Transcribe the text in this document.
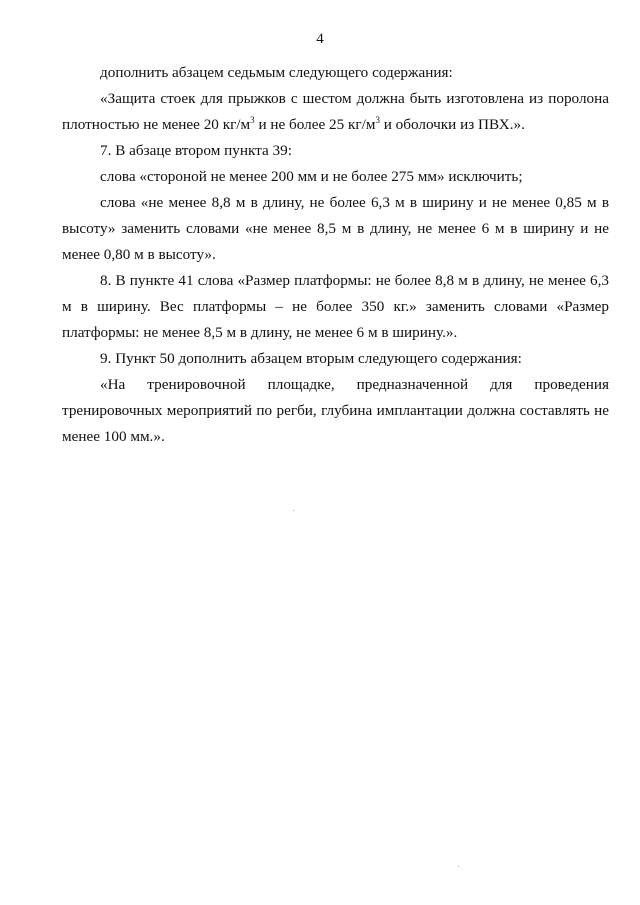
4

дополнить абзацем седьмым следующего содержания:

«Защита стоек для прыжков с шестом должна быть изготовлена из поролона плотностью не менее 20 $кг/м^3$ и не более 25 $кг/м^3$ и оболочки из ПВХ.».

7. В абзаце втором пункта 39:

слова «стороной не менее 200 мм и не более 275 мм» исключить;

слова «не менее 8,8 м в длину, не более 6,3 м в ширину и не менее 0,85 м в высоту» заменить словами «не менее 8,5 м в длину, не менее 6 м в ширину и не менее 0,80 м в высоту».

8. В пункте 41 слова «Размер платформы: не более 8,8 м в длину, не менее 6,3 м в ширину. Вес платформы – не более 350 кг.» заменить словами «Размер платформы: не менее 8,5 м в длину, не менее 6 м в ширину.».

9. Пункт 50 дополнить абзацем вторым следующего содержания:

«На тренировочной площадке, предназначенной для проведения тренировочных мероприятий по регби, глубина имплантации должна составлять не менее 100 мм.».
